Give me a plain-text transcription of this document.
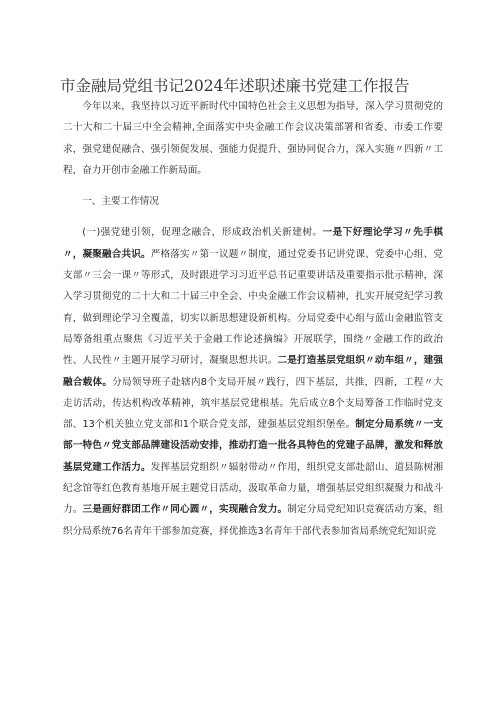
市金融局党组书记2024年述职述廉书党建工作报告

今年以来，我坚持以习近平新时代中国特色社会主义思想为指导，深入学习贯彻党的二十大和二十届三中全会精神,全面落实中央金融工作会议决策部署和省委、市委工作要求，强党建促融合、强引领促发展、强能力促提升、强协同促合力，深入实施〃四新〃工程，奋力开创市金融工作新局面。

一、主要工作情况

(一)强党建引领，促理念融合，形成政治机关新建树。一是下好理论学习〃先手棋〃，凝聚融合共识。严格落实〃第一议题〃制度，通过党委书记讲党课、党委中心组、党支部〃三会一课〃等形式，及时跟进学习习近平总书记重要讲话及重要指示批示精神，深入学习贯彻党的二十大和二十届三中全会、中央金融工作会议精神，扎实开展党纪学习教育，做到理论学习全覆盖，切实以新思想建设新机构。分局党委中心组与蓝山金融监管支局筹备组重点聚焦《习近平关于金融工作论述摘编》开展联学，围绕〃金融工作的政治性、人民性〃主题开展学习研讨，凝聚思想共识。二是打造基层党组织〃动车组〃，建强融合载体。分局领导班子赴辖内8个支局开展〃践行，四下基层，共推，四新，工程〃大走访活动，传达机构改革精神，筑牢基层党建根基。先后成立8个支局筹备工作临时党支部、13个机关独立党支部和1个联合党支部，建强基层党组织堡垒。制定分局系统〃一支部一特色〃党支部品牌建设活动安排，推动打造一批各具特色的党建子品牌，激发和释放基层党建工作活力。发挥基层党组织〃辐射带动〃作用，组织党支部赴韶山、道县陈树湘纪念馆等红色教育基地开展主题党日活动，汲取革命力量，增强基层党组织凝聚力和战斗力。三是画好群团工作〃同心圆〃，实现融合发力。制定分局党纪知识竞赛活动方案，组织分局系统76名青年干部参加竞赛，择优推选3名青年干部代表参加省局系统党纪知识竞
